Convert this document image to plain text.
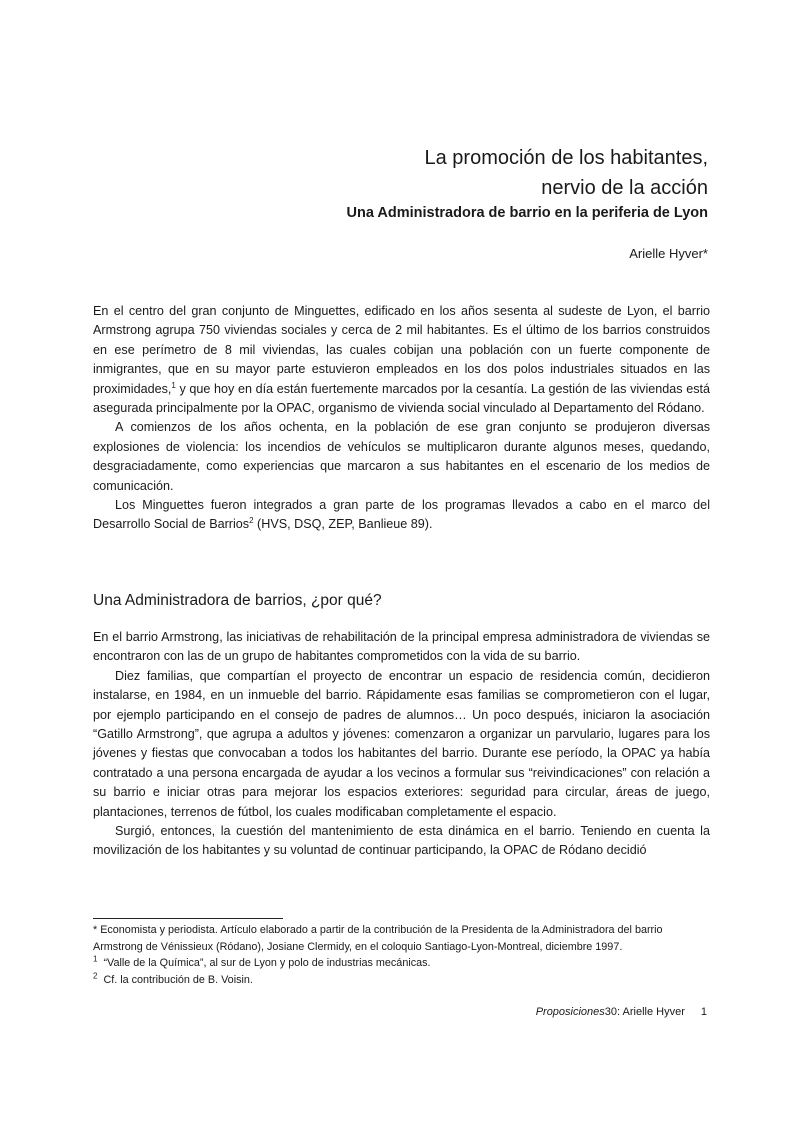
La promoción de los habitantes,
nervio de la acción
Una Administradora de barrio en la periferia de Lyon
Arielle Hyver*

En el centro del gran conjunto de Minguettes, edificado en los años sesenta al sudeste de Lyon, el barrio Armstrong agrupa 750 viviendas sociales y cerca de 2 mil habitantes. Es el último de los barrios construidos en ese perímetro de 8 mil viviendas, las cuales cobijan una población con un fuerte componente de inmigrantes, que en su mayor parte estuvieron empleados en los dos polos industriales situados en las proximidades,$^1$ y que hoy en día están fuertemente marcados por la cesantía. La gestión de las viviendas está asegurada principalmente por la OPAC, organismo de vivienda social vinculado al Departamento del Ródano.

A comienzos de los años ochenta, en la población de ese gran conjunto se produjeron diversas explosiones de violencia: los incendios de vehículos se multiplicaron durante algunos meses, quedando, desgraciadamente, como experiencias que marcaron a sus habitantes en el escenario de los medios de comunicación.

Los Minguettes fueron integrados a gran parte de los programas llevados a cabo en el marco del Desarrollo Social de Barrios$^2$ (HVS, DSQ, ZEP, Banlieue 89).

Una Administradora de barrios, ¿por qué?

En el barrio Armstrong, las iniciativas de rehabilitación de la principal empresa administradora de viviendas se encontraron con las de un grupo de habitantes comprometidos con la vida de su barrio.

Diez familias, que compartían el proyecto de encontrar un espacio de residencia común, decidieron instalarse, en 1984, en un inmueble del barrio. Rápidamente esas familias se comprometieron con el lugar, por ejemplo participando en el consejo de padres de alumnos… Un poco después, iniciaron la asociación “Gatillo Armstrong”, que agrupa a adultos y jóvenes: comenzaron a organizar un parvulario, lugares para los jóvenes y fiestas que convocaban a todos los habitantes del barrio. Durante ese período, la OPAC ya había contratado a una persona encargada de ayudar a los vecinos a formular sus “reivindicaciones” con relación a su barrio e iniciar otras para mejorar los espacios exteriores: seguridad para circular, áreas de juego, plantaciones, terrenos de fútbol, los cuales modificaban completamente el espacio.

Surgió, entonces, la cuestión del mantenimiento de esta dinámica en el barrio. Teniendo en cuenta la movilización de los habitantes y su voluntad de continuar participando, la OPAC de Ródano decidió

* Economista y periodista. Artículo elaborado a partir de la contribución de la Presidenta de la Administradora del barrio Armstrong de Vénissieux (Ródano), Josiane Clermidy, en el coloquio Santiago-Lyon-Montreal, diciembre 1997.

$^1$ “Valle de la Química”, al sur de Lyon y polo de industrias mecánicas.

$^2$ Cf. la contribución de B. Voisin.

Proposiciones30: Arielle Hyver 1
